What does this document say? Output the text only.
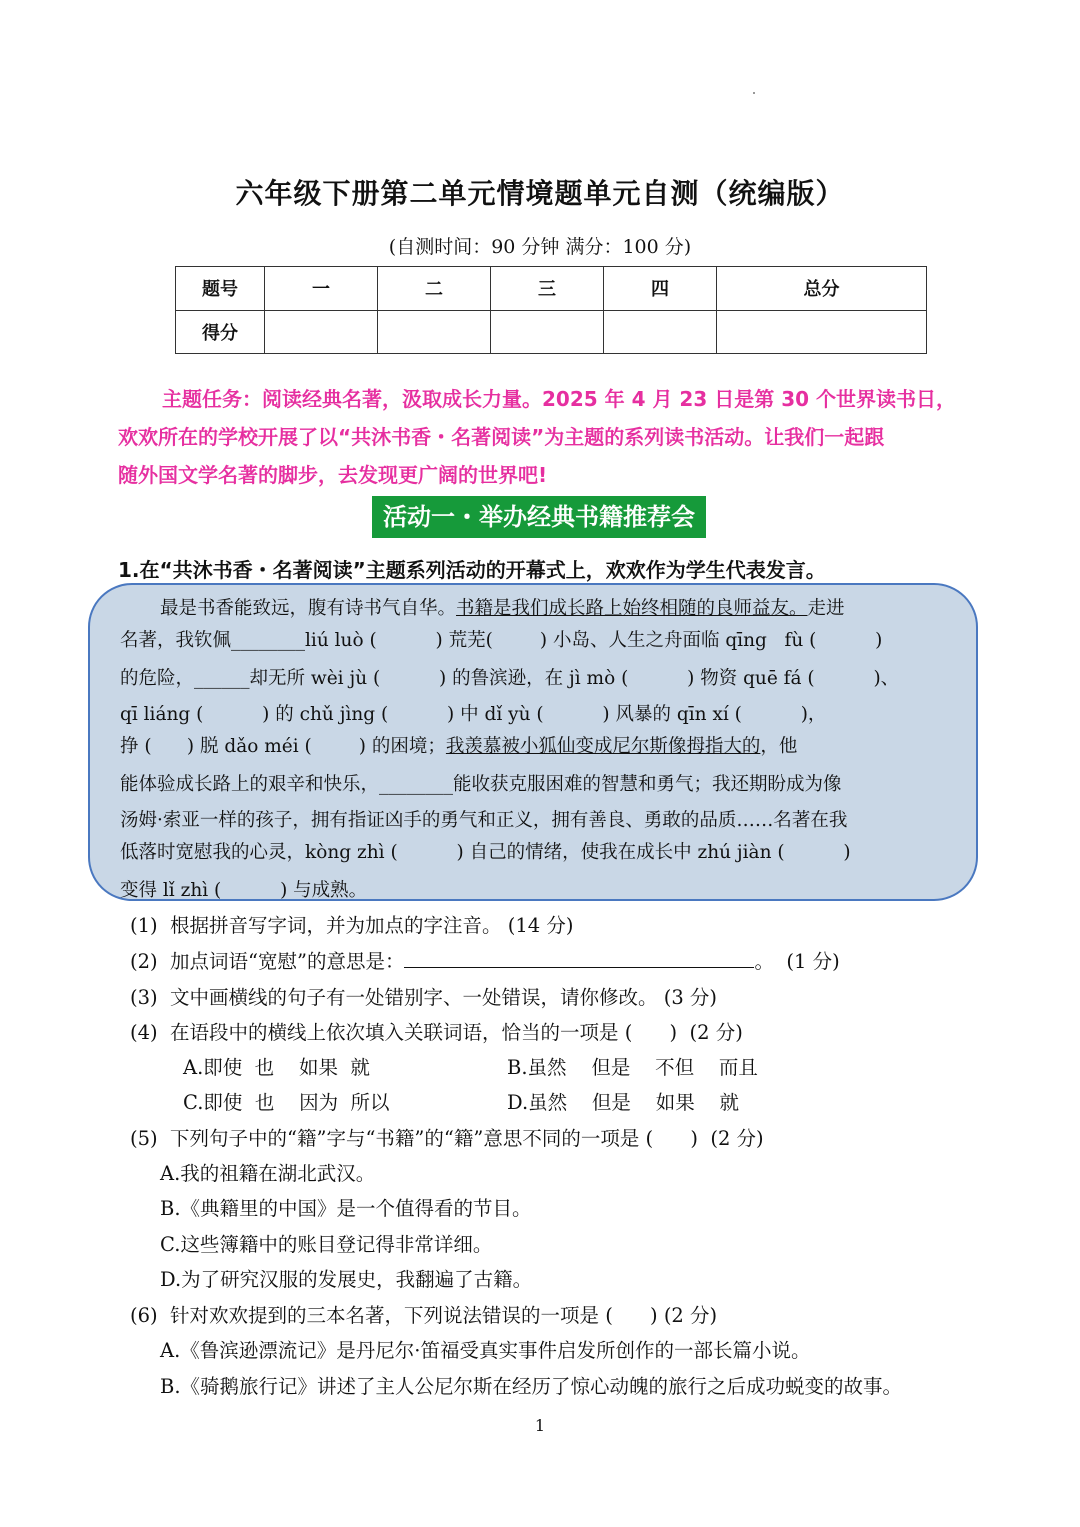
六年级下册第二单元情境题单元自测（统编版）
(自测时间：90 分钟 满分：100 分)
题号	一	二	三	四	总分
得分					
主题任务：阅读经典名著，汲取成长力量。2025 年 4 月 23 日是第 30 个世界读书日，
欢欢所在的学校开展了以“共沐书香・名著阅读”为主题的系列读书活动。让我们一起跟
随外国文学名著的脚步，去发现更广阔的世界吧!
活动一・举办经典书籍推荐会
1.在“共沐书香・名著阅读”主题系列活动的开幕式上，欢欢作为学生代表发言。
最是书香能致远，腹有诗书气自华。书籍是我们成长路上始终相随的良师益友。走进
名著，我钦佩________liú luò (          ) 荒芜(        ) 小岛、人生之舟面临 qīng   fù (          )
的危险，______却无所 wèi jù (          ) 的鲁滨逊，在 jì mò (          ) 物资 quē fá (          )、
qī liáng (          ) 的 chǔ jìng (          ) 中 dǐ yù (          ) 风暴的 qīn xí (          )，
挣 (      ) 脱 dǎo méi (        ) 的困境；我羡慕被小狐仙变成尼尔斯像拇指大的，他
能体验成长路上的艰辛和快乐，________能收获克服困难的智慧和勇气；我还期盼成为像
汤姆·索亚一样的孩子，拥有指证凶手的勇气和正义，拥有善良、勇敢的品质……名著在我
低落时宽慰我的心灵，kòng zhì (          ) 自己的情绪，使我在成长中 zhú jiàn (          )
变得 lǐ zhì (          ) 与成熟。
(1)  根据拼音写字词，并为加点的字注音。 (14 分)
(2)  加点词语“宽慰”的意思是：	。  (1 分)
(3)  文中画横线的句子有一处错别字、一处错误，请你修改。 (3 分)
(4)  在语段中的横线上依次填入关联词语，恰当的一项是 (      )  (2 分)
A.即使  也    如果  就	B.虽然    但是    不但    而且
C.即使  也    因为  所以	D.虽然    但是    如果    就
(5)  下列句子中的“籍”字与“书籍”的“籍”意思不同的一项是 (      )  (2 分)
A.我的祖籍在湖北武汉。
B.《典籍里的中国》是一个值得看的节目。
C.这些簿籍中的账目登记得非常详细。
D.为了研究汉服的发展史，我翻遍了古籍。
(6)  针对欢欢提到的三本名著，下列说法错误的一项是 (      ) (2 分)
A.《鲁滨逊漂流记》是丹尼尔·笛福受真实事件启发所创作的一部长篇小说。
B.《骑鹅旅行记》讲述了主人公尼尔斯在经历了惊心动魄的旅行之后成功蜕变的故事。
1
